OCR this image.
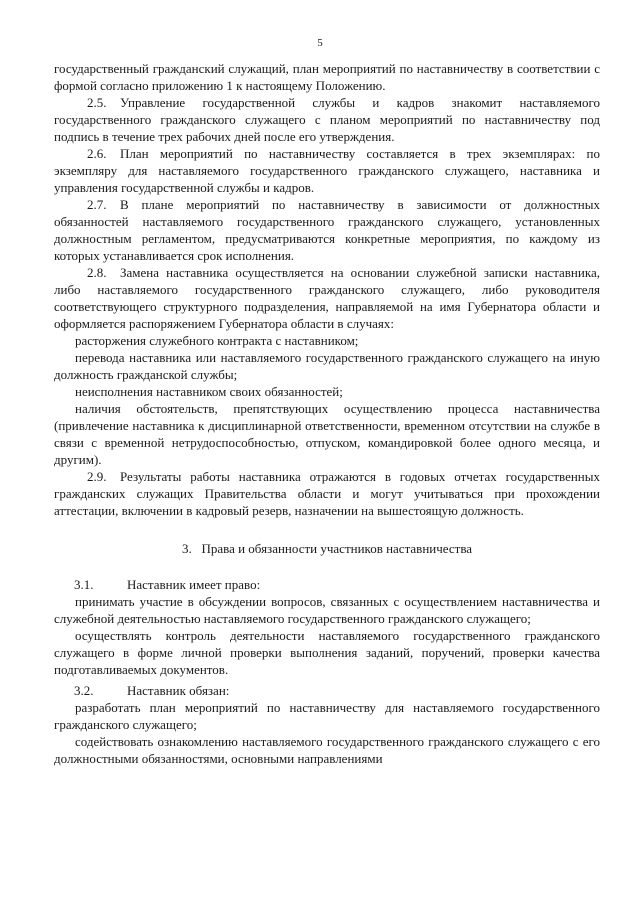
5

государственный гражданский служащий, план мероприятий по наставничеству в соответствии с формой согласно приложению 1 к настоящему Положению.

2.5. Управление государственной службы и кадров знакомит наставляемого государственного гражданского служащего с планом мероприятий по наставничеству под подпись в течение трех рабочих дней после его утверждения.

2.6. План мероприятий по наставничеству составляется в трех экземплярах: по экземпляру для наставляемого государственного гражданского служащего, наставника и управления государственной службы и кадров.

2.7. В плане мероприятий по наставничеству в зависимости от должностных обязанностей наставляемого государственного гражданского служащего, установленных должностным регламентом, предусматриваются конкретные мероприятия, по каждому из которых устанавливается срок исполнения.

2.8. Замена наставника осуществляется на основании служебной записки наставника, либо наставляемого государственного гражданского служащего, либо руководителя соответствующего структурного подразделения, направляемой на имя Губернатора области и оформляется распоряжением Губернатора области в случаях:

расторжения служебного контракта с наставником;

перевода наставника или наставляемого государственного гражданского служащего на иную должность гражданской службы;

неисполнения наставником своих обязанностей;

наличия обстоятельств, препятствующих осуществлению процесса наставничества (привлечение наставника к дисциплинарной ответственности, временном отсутствии на службе в связи с временной нетрудоспособностью, отпуском, командировкой более одного месяца, и другим).

2.9. Результаты работы наставника отражаются в годовых отчетах государственных гражданских служащих Правительства области и могут учитываться при прохождении аттестации, включении в кадровый резерв, назначении на вышестоящую должность.

3.   Права и обязанности участников наставничества

3.1.	Наставник имеет право:

принимать участие в обсуждении вопросов, связанных с осуществлением наставничества и служебной деятельностью наставляемого государственного гражданского служащего;

осуществлять контроль деятельности наставляемого государственного гражданского служащего в форме личной проверки выполнения заданий, поручений, проверки качества подготавливаемых документов.

3.2.	Наставник обязан:

разработать план мероприятий по наставничеству для наставляемого государственного гражданского служащего;

содействовать ознакомлению наставляемого государственного гражданского служащего с его должностными обязанностями, основными направлениями
